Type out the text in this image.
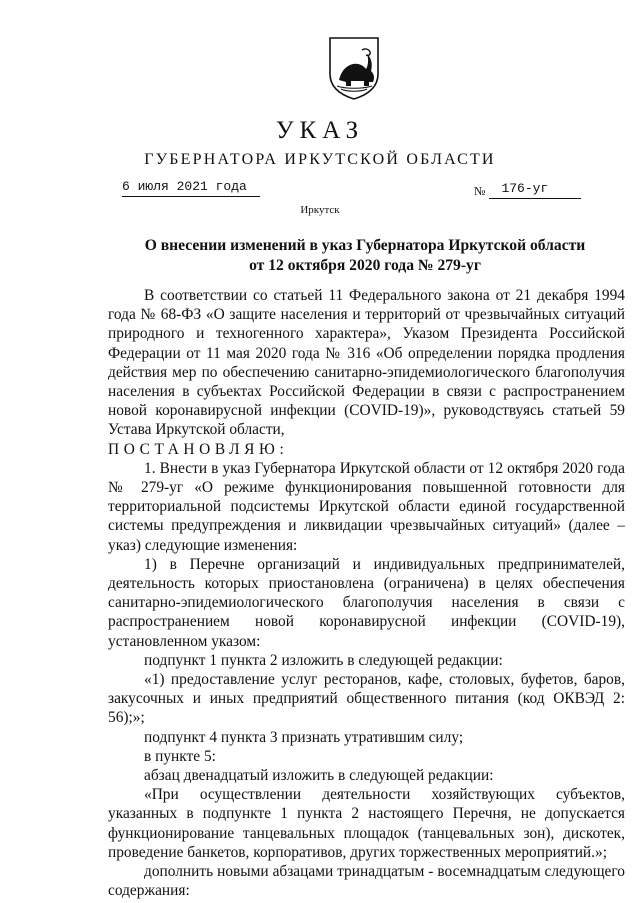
УКАЗ
ГУБЕРНАТОРА ИРКУТСКОЙ ОБЛАСТИ
6 июля 2021 года	№ 176-уг
Иркутск
О внесении изменений в указ Губернатора Иркутской области
от 12 октября 2020 года № 279-уг

В соответствии со статьей 11 Федерального закона от 21 декабря 1994 года № 68-ФЗ «О защите населения и территорий от чрезвычайных ситуаций природного и техногенного характера», Указом Президента Российской Федерации от 11 мая 2020 года № 316 «Об определении порядка продления действия мер по обеспечению санитарно-эпидемиологического благополучия населения в субъектах Российской Федерации в связи с распространением новой коронавирусной инфекции (COVID-19)», руководствуясь статьей 59 Устава Иркутской области,

ПОСТАНОВЛЯЮ:

1. Внести в указ Губернатора Иркутской области от 12 октября 2020 года № 279-уг «О режиме функционирования повышенной готовности для территориальной подсистемы Иркутской области единой государственной системы предупреждения и ликвидации чрезвычайных ситуаций» (далее – указ) следующие изменения:

1) в Перечне организаций и индивидуальных предпринимателей, деятельность которых приостановлена (ограничена) в целях обеспечения санитарно-эпидемиологического благополучия населения в связи с распространением новой коронавирусной инфекции (COVID-19), установленном указом:

подпункт 1 пункта 2 изложить в следующей редакции:

«1) предоставление услуг ресторанов, кафе, столовых, буфетов, баров, закусочных и иных предприятий общественного питания (код ОКВЭД 2: 56);»;

подпункт 4 пункта 3 признать утратившим силу;

в пункте 5:

абзац двенадцатый изложить в следующей редакции:

«При осуществлении деятельности хозяйствующих субъектов, указанных в подпункте 1 пункта 2 настоящего Перечня, не допускается функционирование танцевальных площадок (танцевальных зон), дискотек, проведение банкетов, корпоративов, других торжественных мероприятий.»;

дополнить новыми абзацами тринадцатым - восемнадцатым следующего содержания:
